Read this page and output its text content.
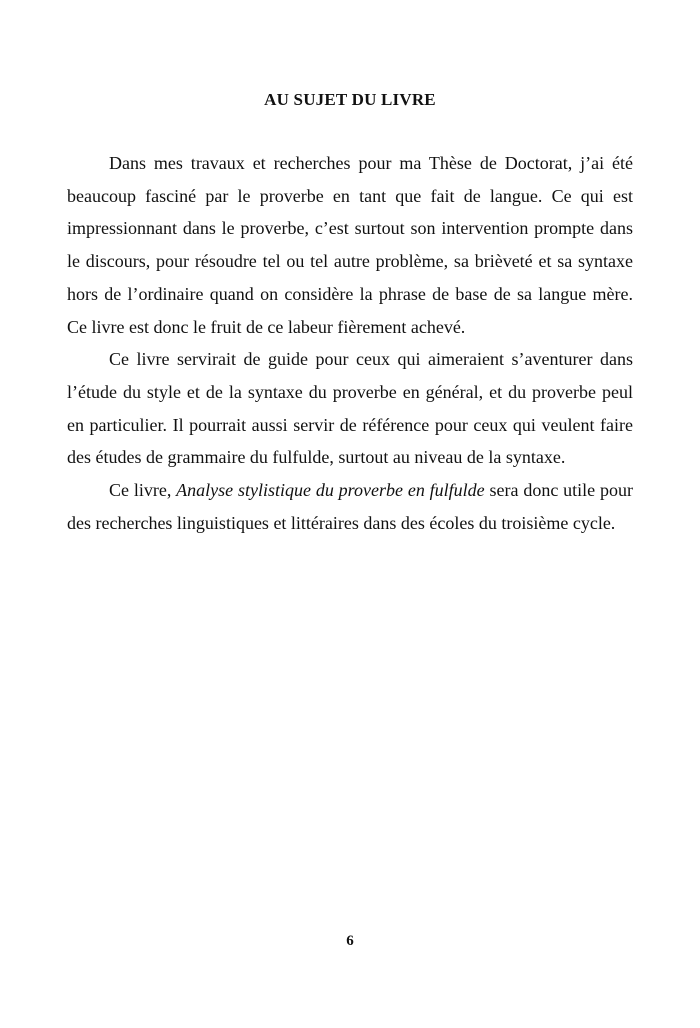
AU SUJET DU LIVRE

Dans mes travaux et recherches pour ma Thèse de Doctorat, j’ai été beaucoup fasciné par le proverbe en tant que fait de langue. Ce qui est impressionnant dans le proverbe, c’est surtout son intervention prompte dans le discours, pour résoudre tel ou tel autre problème, sa brièveté et sa syntaxe hors de l’ordinaire quand on considère la phrase de base de sa langue mère. Ce livre est donc le fruit de ce labeur fièrement achevé.

Ce livre servirait de guide pour ceux qui aimeraient s’aventurer dans l’étude du style et de la syntaxe du proverbe en général, et du proverbe peul en particulier. Il pourrait aussi servir de référence pour ceux qui veulent faire des études de grammaire du fulfulde, surtout au niveau de la syntaxe.

Ce livre, Analyse stylistique du proverbe en fulfulde sera donc utile pour des recherches linguistiques et littéraires dans des écoles du troisième cycle.

6
